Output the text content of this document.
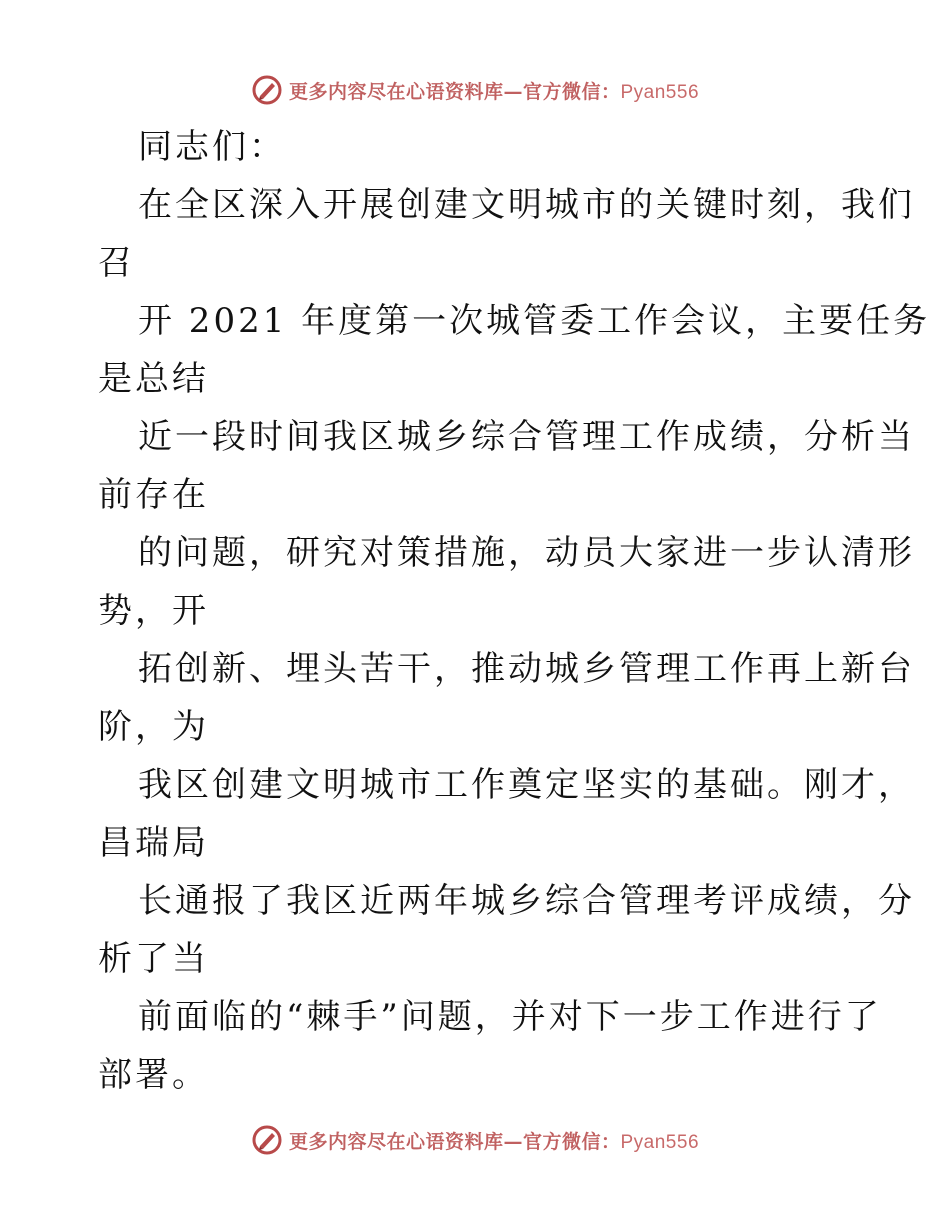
更多内容尽在心语资料库—官方微信：Pyan556
同志们：
在全区深入开展创建文明城市的关键时刻，我们
召
开 2021 年度第一次城管委工作会议，主要任务
是总结
近一段时间我区城乡综合管理工作成绩，分析当
前存在
的问题，研究对策措施，动员大家进一步认清形
势，开
拓创新、埋头苦干，推动城乡管理工作再上新台
阶，为
我区创建文明城市工作奠定坚实的基础。刚才，
昌瑞局
长通报了我区近两年城乡综合管理考评成绩，分
析了当
前面临的“棘手”问题，并对下一步工作进行了
部署。
更多内容尽在心语资料库—官方微信：Pyan556
